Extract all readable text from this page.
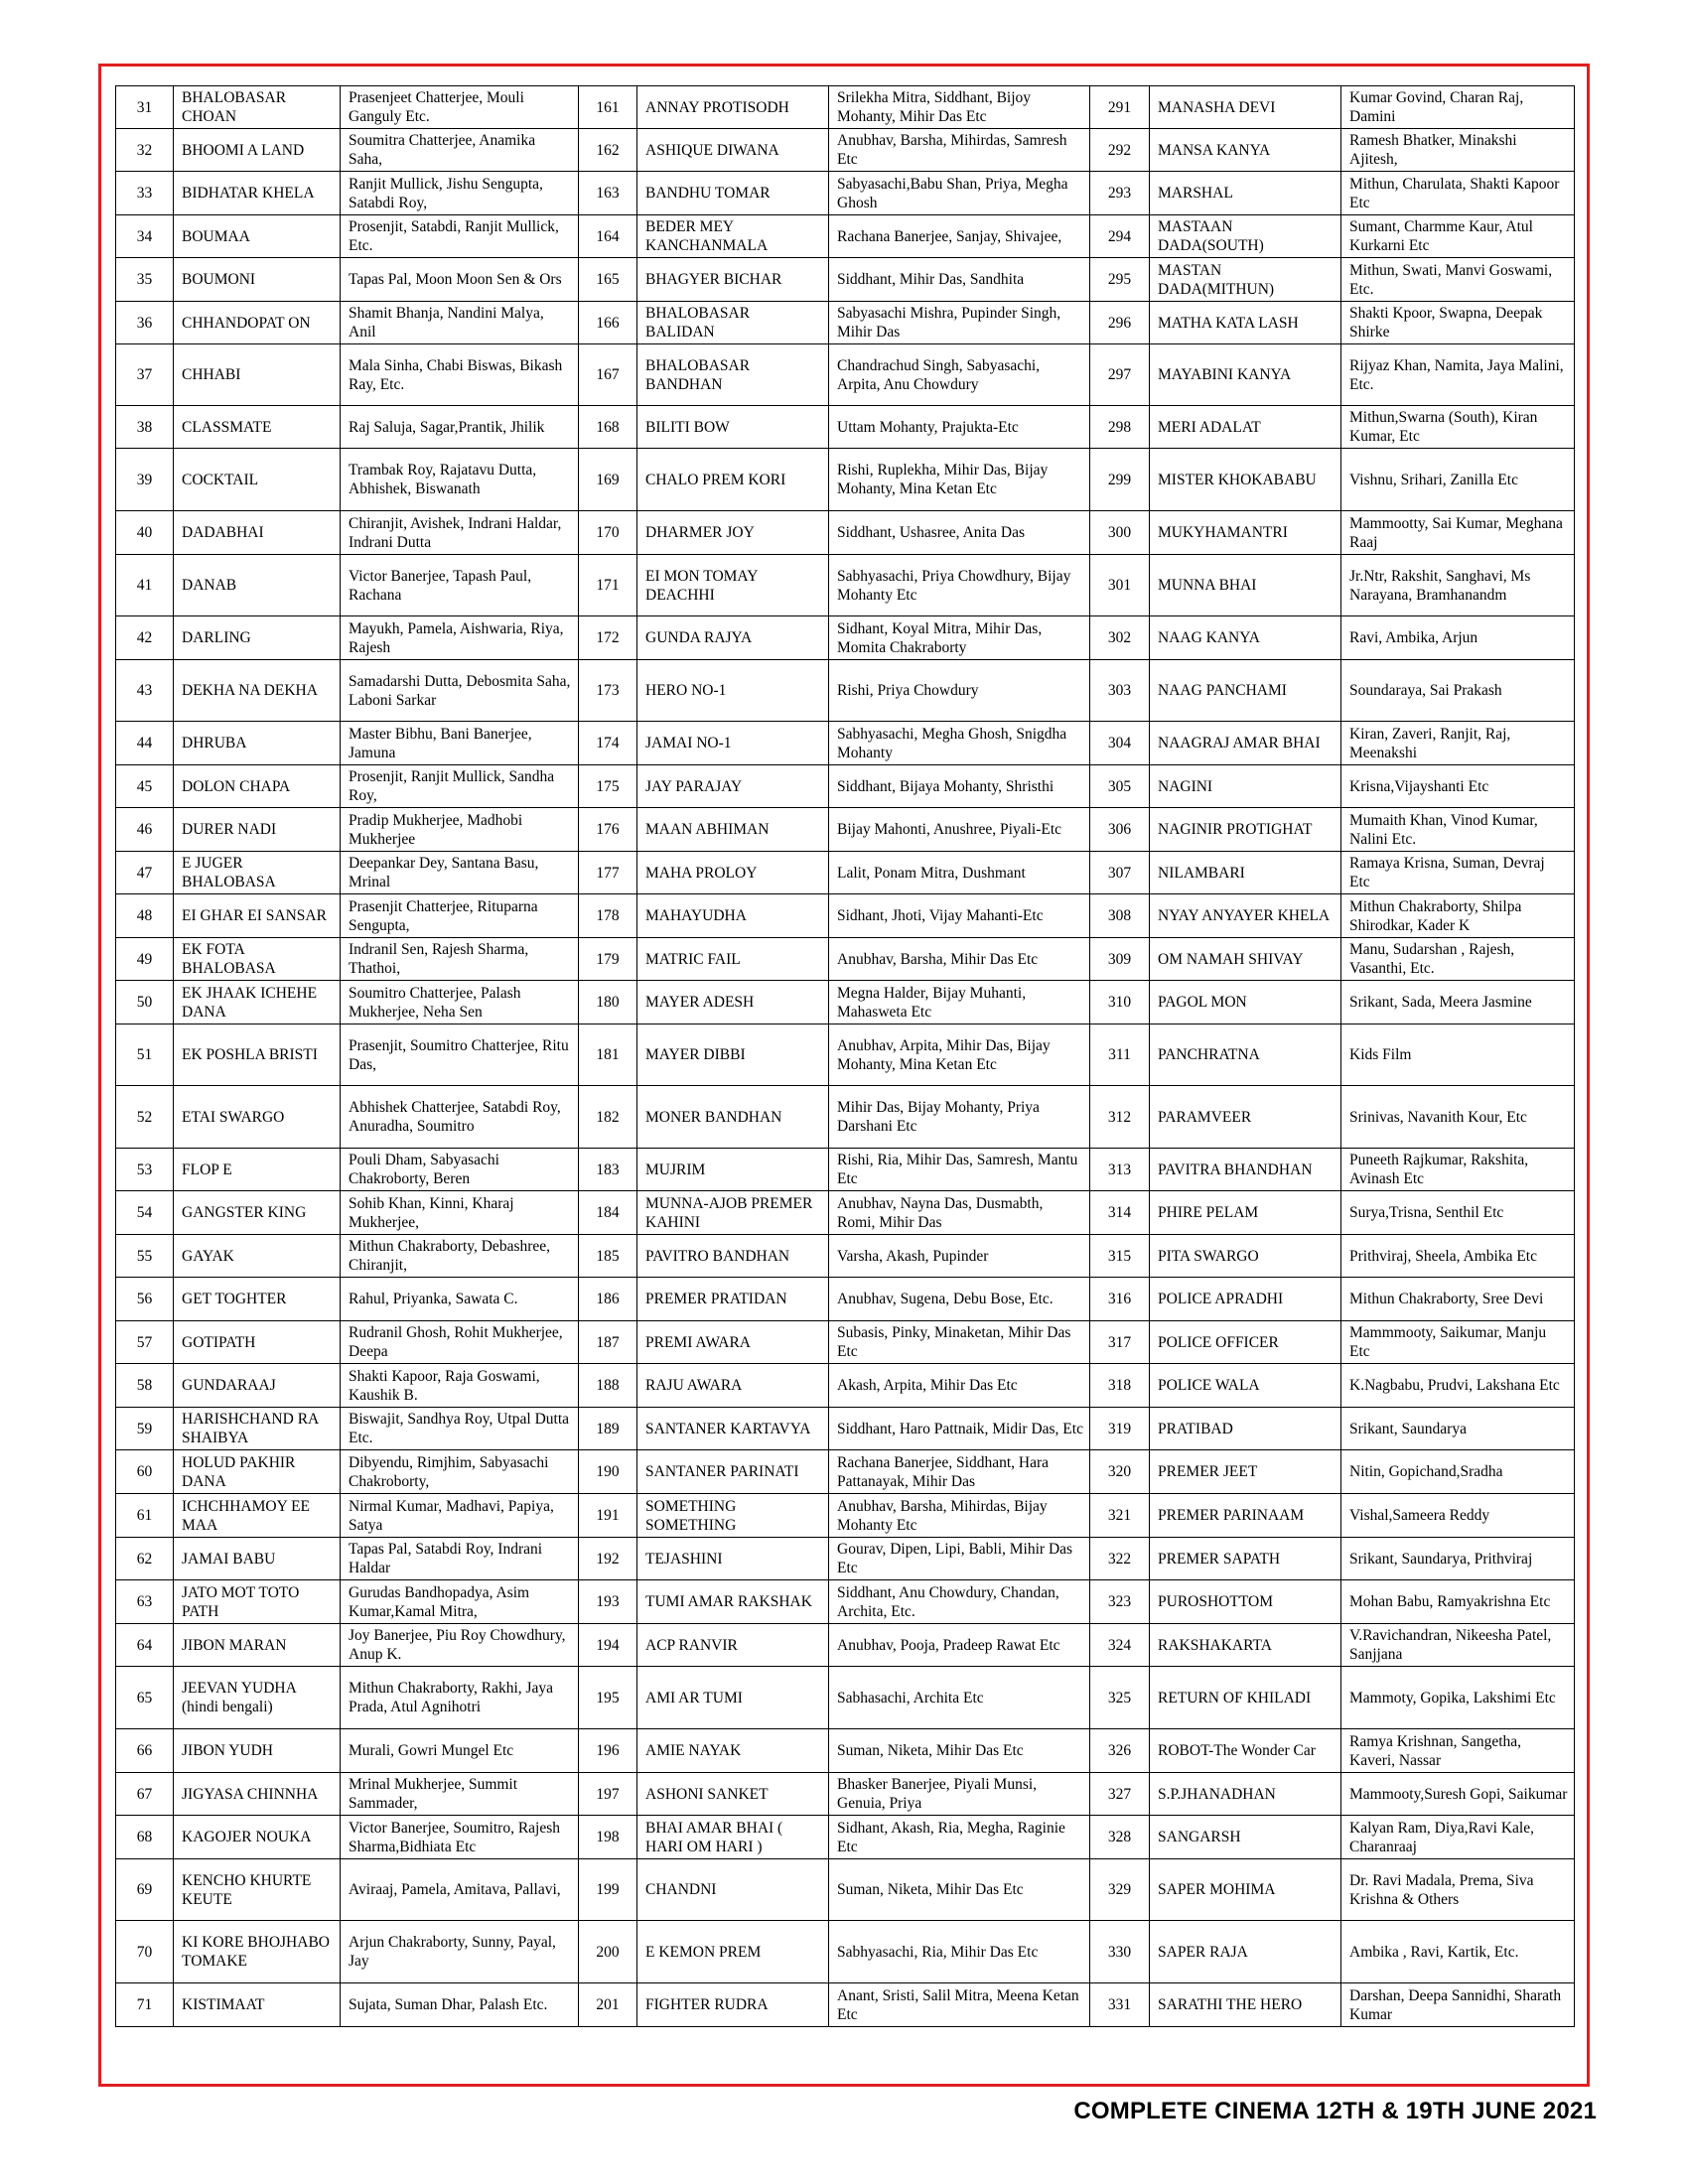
31	BHALOBASAR CHOAN	Prasenjeet Chatterjee, Mouli Ganguly Etc.	161	ANNAY PROTISODH	Srilekha Mitra, Siddhant, Bijoy Mohanty, Mihir Das Etc	291	MANASHA DEVI	Kumar Govind, Charan Raj, Damini
32	BHOOMI A LAND	Soumitra Chatterjee, Anamika Saha,	162	ASHIQUE DIWANA	Anubhav, Barsha, Mihirdas, Samresh Etc	292	MANSA KANYA	Ramesh Bhatker, Minakshi Ajitesh,
33	BIDHATAR KHELA	Ranjit Mullick, Jishu Sengupta, Satabdi Roy,	163	BANDHU TOMAR	Sabyasachi,Babu Shan, Priya, Megha Ghosh	293	MARSHAL	Mithun, Charulata, Shakti Kapoor Etc
34	BOUMAA	Prosenjit, Satabdi, Ranjit Mullick, Etc.	164	BEDER MEY KANCHANMALA	Rachana Banerjee, Sanjay, Shivajee,	294	MASTAAN DADA(SOUTH)	Sumant, Charmme Kaur, Atul Kurkarni Etc
35	BOUMONI	Tapas Pal, Moon Moon Sen & Ors	165	BHAGYER BICHAR	Siddhant, Mihir Das, Sandhita	295	MASTAN DADA(MITHUN)	Mithun, Swati, Manvi Goswami, Etc.
36	CHHANDOPAT ON	Shamit Bhanja, Nandini Malya, Anil	166	BHALOBASAR BALIDAN	Sabyasachi Mishra, Pupinder Singh, Mihir Das	296	MATHA KATA LASH	Shakti Kpoor, Swapna, Deepak Shirke
37	CHHABI	Mala Sinha, Chabi Biswas, Bikash Ray, Etc.	167	BHALOBASAR BANDHAN	Chandrachud Singh, Sabyasachi, Arpita, Anu Chowdury	297	MAYABINI KANYA	Rijyaz Khan, Namita, Jaya Malini, Etc.
38	CLASSMATE	Raj Saluja, Sagar,Prantik, Jhilik	168	BILITI BOW	Uttam Mohanty, Prajukta-Etc	298	MERI ADALAT	Mithun,Swarna (South), Kiran Kumar, Etc
39	COCKTAIL	Trambak Roy, Rajatavu Dutta, Abhishek, Biswanath	169	CHALO PREM KORI	Rishi, Ruplekha, Mihir Das, Bijay Mohanty, Mina Ketan Etc	299	MISTER KHOKABABU	Vishnu, Srihari, Zanilla Etc
40	DADABHAI	Chiranjit, Avishek, Indrani Haldar, Indrani Dutta	170	DHARMER JOY	Siddhant, Ushasree, Anita Das	300	MUKYHAMANTRI	Mammootty, Sai Kumar, Meghana Raaj
41	DANAB	Victor Banerjee, Tapash Paul, Rachana	171	EI MON TOMAY DEACHHI	Sabhyasachi, Priya Chowdhury, Bijay Mohanty Etc	301	MUNNA BHAI	Jr.Ntr, Rakshit, Sanghavi, Ms Narayana, Bramhanandm
42	DARLING	Mayukh, Pamela, Aishwaria, Riya, Rajesh	172	GUNDA RAJYA	Sidhant, Koyal Mitra, Mihir Das, Momita Chakraborty	302	NAAG KANYA	Ravi, Ambika, Arjun
43	DEKHA NA DEKHA	Samadarshi Dutta, Debosmita Saha, Laboni Sarkar	173	HERO NO-1	Rishi, Priya Chowdury	303	NAAG PANCHAMI	Soundaraya, Sai Prakash
44	DHRUBA	Master Bibhu, Bani Banerjee, Jamuna	174	JAMAI NO-1	Sabhyasachi, Megha Ghosh, Snigdha Mohanty	304	NAAGRAJ AMAR BHAI	Kiran, Zaveri, Ranjit, Raj, Meenakshi
45	DOLON CHAPA	Prosenjit, Ranjit Mullick, Sandha Roy,	175	JAY PARAJAY	Siddhant, Bijaya Mohanty, Shristhi	305	NAGINI	Krisna,Vijayshanti Etc
46	DURER NADI	Pradip Mukherjee, Madhobi Mukherjee	176	MAAN ABHIMAN	Bijay Mahonti, Anushree, Piyali-Etc	306	NAGINIR PROTIGHAT	Mumaith Khan, Vinod Kumar, Nalini Etc.
47	E JUGER BHALOBASA	Deepankar Dey, Santana Basu, Mrinal	177	MAHA PROLOY	Lalit, Ponam Mitra, Dushmant	307	NILAMBARI	Ramaya Krisna, Suman, Devraj Etc
48	EI GHAR EI SANSAR	Prasenjit Chatterjee, Rituparna Sengupta,	178	MAHAYUDHA	Sidhant, Jhoti, Vijay Mahanti-Etc	308	NYAY ANYAYER KHELA	Mithun Chakraborty, Shilpa Shirodkar, Kader K
49	EK FOTA BHALOBASA	Indranil Sen, Rajesh Sharma, Thathoi,	179	MATRIC FAIL	Anubhav, Barsha, Mihir Das Etc	309	OM NAMAH SHIVAY	Manu, Sudarshan , Rajesh, Vasanthi, Etc.
50	EK JHAAK ICHEHE DANA	Soumitro Chatterjee, Palash Mukherjee, Neha Sen	180	MAYER ADESH	Megna Halder, Bijay Muhanti, Mahasweta Etc	310	PAGOL MON	Srikant, Sada, Meera Jasmine
51	EK POSHLA BRISTI	Prasenjit, Soumitro Chatterjee, Ritu Das,	181	MAYER DIBBI	Anubhav, Arpita, Mihir Das, Bijay Mohanty, Mina Ketan Etc	311	PANCHRATNA	Kids Film
52	ETAI SWARGO	Abhishek Chatterjee, Satabdi Roy, Anuradha, Soumitro	182	MONER BANDHAN	Mihir Das, Bijay Mohanty, Priya Darshani Etc	312	PARAMVEER	Srinivas, Navanith Kour, Etc
53	FLOP E	Pouli Dham, Sabyasachi Chakroborty, Beren	183	MUJRIM	Rishi, Ria, Mihir Das, Samresh, Mantu Etc	313	PAVITRA BHANDHAN	Puneeth Rajkumar, Rakshita, Avinash Etc
54	GANGSTER KING	Sohib Khan, Kinni, Kharaj Mukherjee,	184	MUNNA-AJOB PREMER KAHINI	Anubhav, Nayna Das, Dusmabth, Romi, Mihir Das	314	PHIRE PELAM	Surya,Trisna, Senthil Etc
55	GAYAK	Mithun Chakraborty, Debashree, Chiranjit,	185	PAVITRO BANDHAN	Varsha, Akash, Pupinder	315	PITA SWARGO	Prithviraj, Sheela, Ambika Etc
56	GET TOGHTER	Rahul, Priyanka, Sawata C.	186	PREMER PRATIDAN	Anubhav, Sugena, Debu Bose, Etc.	316	POLICE APRADHI	Mithun Chakraborty, Sree Devi
57	GOTIPATH	Rudranil Ghosh, Rohit Mukherjee, Deepa	187	PREMI AWARA	Subasis, Pinky, Minaketan, Mihir Das Etc	317	POLICE OFFICER	Mammmooty, Saikumar, Manju Etc
58	GUNDARAAJ	Shakti Kapoor, Raja Goswami, Kaushik B.	188	RAJU AWARA	Akash, Arpita, Mihir Das Etc	318	POLICE WALA	K.Nagbabu, Prudvi, Lakshana Etc
59	HARISHCHAND RA SHAIBYA	Biswajit, Sandhya Roy, Utpal Dutta Etc.	189	SANTANER KARTAVYA	Siddhant, Haro Pattnaik, Midir Das, Etc	319	PRATIBAD	Srikant, Saundarya
60	HOLUD PAKHIR DANA	Dibyendu, Rimjhim, Sabyasachi Chakroborty,	190	SANTANER PARINATI	Rachana Banerjee, Siddhant, Hara Pattanayak, Mihir Das	320	PREMER JEET	Nitin, Gopichand,Sradha
61	ICHCHHAMOY EE MAA	Nirmal Kumar, Madhavi, Papiya, Satya	191	SOMETHING SOMETHING	Anubhav, Barsha, Mihirdas, Bijay Mohanty Etc	321	PREMER PARINAAM	Vishal,Sameera Reddy
62	JAMAI BABU	Tapas Pal, Satabdi Roy, Indrani Haldar	192	TEJASHINI	Gourav, Dipen, Lipi, Babli, Mihir Das Etc	322	PREMER SAPATH	Srikant, Saundarya, Prithviraj
63	JATO MOT TOTO PATH	Gurudas Bandhopadya, Asim Kumar,Kamal Mitra,	193	TUMI AMAR RAKSHAK	Siddhant, Anu Chowdury, Chandan, Archita, Etc.	323	PUROSHOTTOM	Mohan Babu, Ramyakrishna Etc
64	JIBON MARAN	Joy Banerjee, Piu Roy Chowdhury, Anup K.	194	ACP RANVIR	Anubhav, Pooja, Pradeep Rawat Etc	324	RAKSHAKARTA	V.Ravichandran, Nikeesha Patel, Sanjjana
65	JEEVAN YUDHA (hindi bengali)	Mithun Chakraborty, Rakhi, Jaya Prada, Atul Agnihotri	195	AMI AR TUMI	Sabhasachi, Archita Etc	325	RETURN OF KHILADI	Mammoty, Gopika, Lakshimi Etc
66	JIBON YUDH	Murali, Gowri Mungel Etc	196	AMIE NAYAK	Suman, Niketa, Mihir Das Etc	326	ROBOT-The Wonder Car	Ramya Krishnan, Sangetha, Kaveri, Nassar
67	JIGYASA CHINNHA	Mrinal Mukherjee, Summit Sammader,	197	ASHONI SANKET	Bhasker Banerjee, Piyali Munsi, Genuia, Priya	327	S.P.JHANADHAN	Mammooty,Suresh Gopi, Saikumar
68	KAGOJER NOUKA	Victor Banerjee, Soumitro, Rajesh Sharma,Bidhiata Etc	198	BHAI AMAR BHAI ( HARI OM HARI )	Sidhant, Akash, Ria, Megha, Raginie Etc	328	SANGARSH	Kalyan Ram, Diya,Ravi Kale, Charanraaj
69	KENCHO KHURTE KEUTE	Aviraaj, Pamela, Amitava, Pallavi,	199	CHANDNI	Suman, Niketa, Mihir Das Etc	329	SAPER MOHIMA	Dr. Ravi Madala, Prema, Siva Krishna & Others
70	KI KORE BHOJHABO TOMAKE	Arjun Chakraborty, Sunny, Payal, Jay	200	E KEMON PREM	Sabhyasachi, Ria, Mihir Das Etc	330	SAPER RAJA	Ambika , Ravi, Kartik, Etc.
71	KISTIMAAT	Sujata, Suman Dhar, Palash Etc.	201	FIGHTER RUDRA	Anant, Sristi, Salil Mitra, Meena Ketan Etc	331	SARATHI THE HERO	Darshan, Deepa Sannidhi, Sharath Kumar
COMPLETE CINEMA 12TH & 19TH JUNE 2021
